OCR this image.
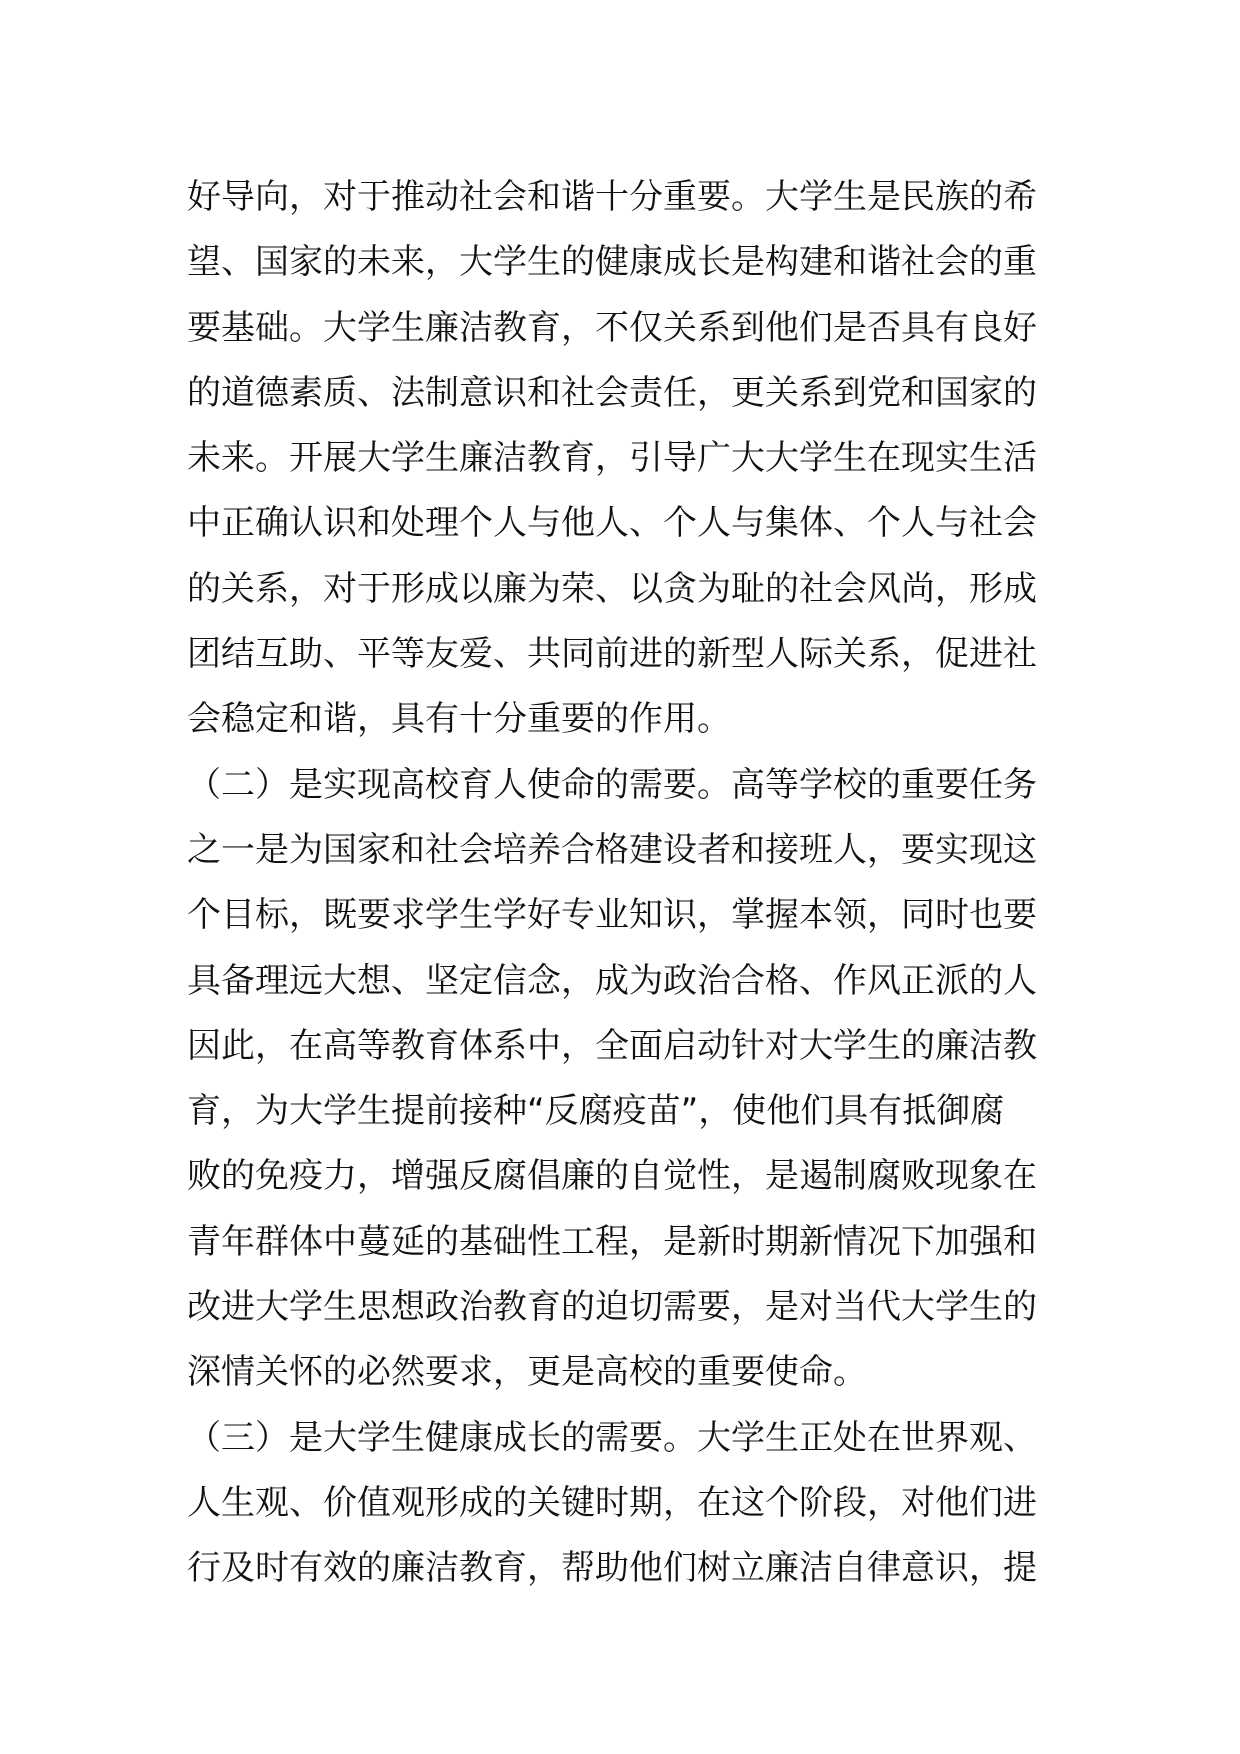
好导向，对于推动社会和谐十分重要。大学生是民族的希
望、国家的未来，大学生的健康成长是构建和谐社会的重
要基础。大学生廉洁教育，不仅关系到他们是否具有良好
的道德素质、法制意识和社会责任，更关系到党和国家的
未来。开展大学生廉洁教育，引导广大大学生在现实生活
中正确认识和处理个人与他人、个人与集体、个人与社会
的关系，对于形成以廉为荣、以贪为耻的社会风尚，形成
团结互助、平等友爱、共同前进的新型人际关系，促进社
会稳定和谐，具有十分重要的作用。
（二）是实现高校育人使命的需要。高等学校的重要任务
之一是为国家和社会培养合格建设者和接班人，要实现这
个目标，既要求学生学好专业知识，掌握本领，同时也要
具备理远大想、坚定信念，成为政治合格、作风正派的人
因此，在高等教育体系中，全面启动针对大学生的廉洁教
育，为大学生提前接种“反腐疫苗”，使他们具有抵御腐
败的免疫力，增强反腐倡廉的自觉性，是遏制腐败现象在
青年群体中蔓延的基础性工程，是新时期新情况下加强和
改进大学生思想政治教育的迫切需要，是对当代大学生的
深情关怀的必然要求，更是高校的重要使命。
（三）是大学生健康成长的需要。大学生正处在世界观、
人生观、价值观形成的关键时期，在这个阶段，对他们进
行及时有效的廉洁教育，帮助他们树立廉洁自律意识，提
